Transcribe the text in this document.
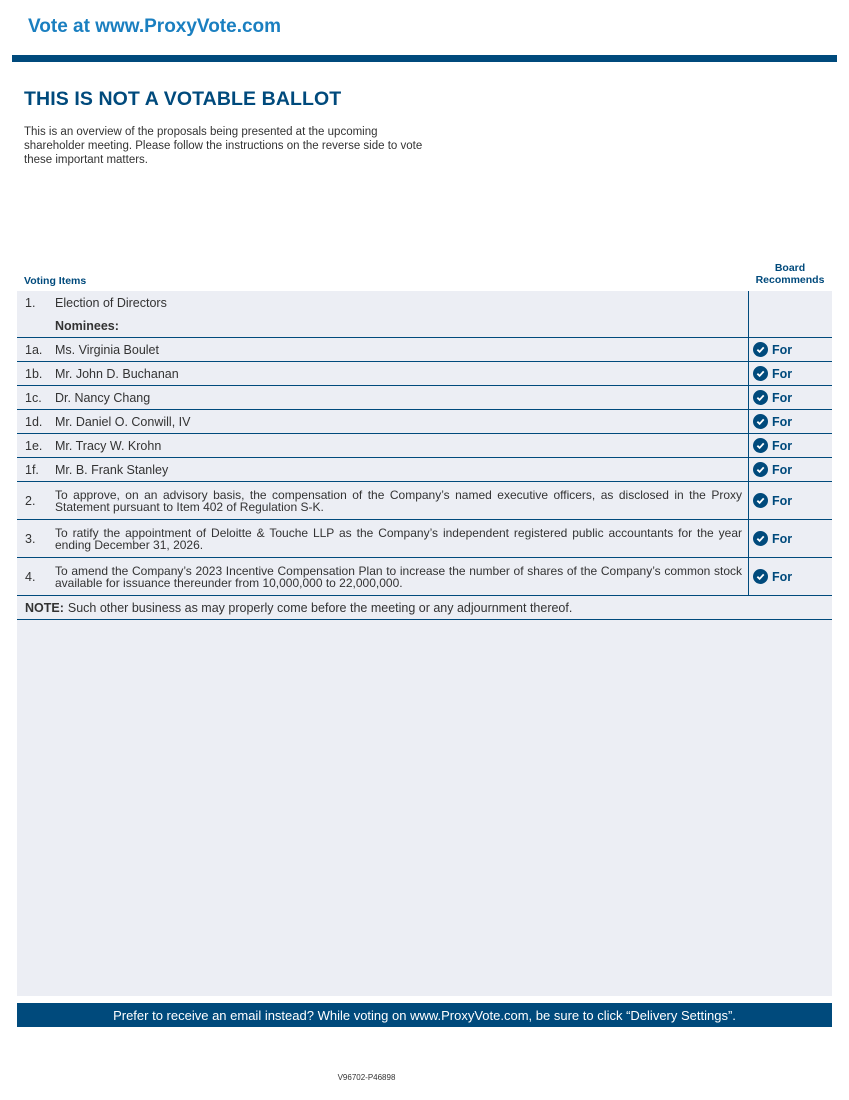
Vote at www.ProxyVote.com
THIS IS NOT A VOTABLE BALLOT
This is an overview of the proposals being presented at the upcoming shareholder meeting. Please follow the instructions on the reverse side to vote these important matters.
Voting Items
Board
Recommends
1.	Election of Directors
Nominees:
1a.	Ms. Virginia Boulet	For
1b.	Mr. John D. Buchanan	For
1c.	Dr. Nancy Chang	For
1d.	Mr. Daniel O. Conwill, IV	For
1e.	Mr. Tracy W. Krohn	For
1f.	Mr. B. Frank Stanley	For
2.	To approve, on an advisory basis, the compensation of the Company’s named executive officers, as disclosed in the Proxy Statement pursuant to Item 402 of Regulation S-K.	For
3.	To ratify the appointment of Deloitte & Touche LLP as the Company’s independent registered public accountants for the year ending December 31, 2026.	For
4.	To amend the Company’s 2023 Incentive Compensation Plan to increase the number of shares of the Company’s common stock available for issuance thereunder from 10,000,000 to 22,000,000.	For
NOTE: Such other business as may properly come before the meeting or any adjournment thereof.
Prefer to receive an email instead? While voting on www.ProxyVote.com, be sure to click “Delivery Settings”.
V96702-P46898
